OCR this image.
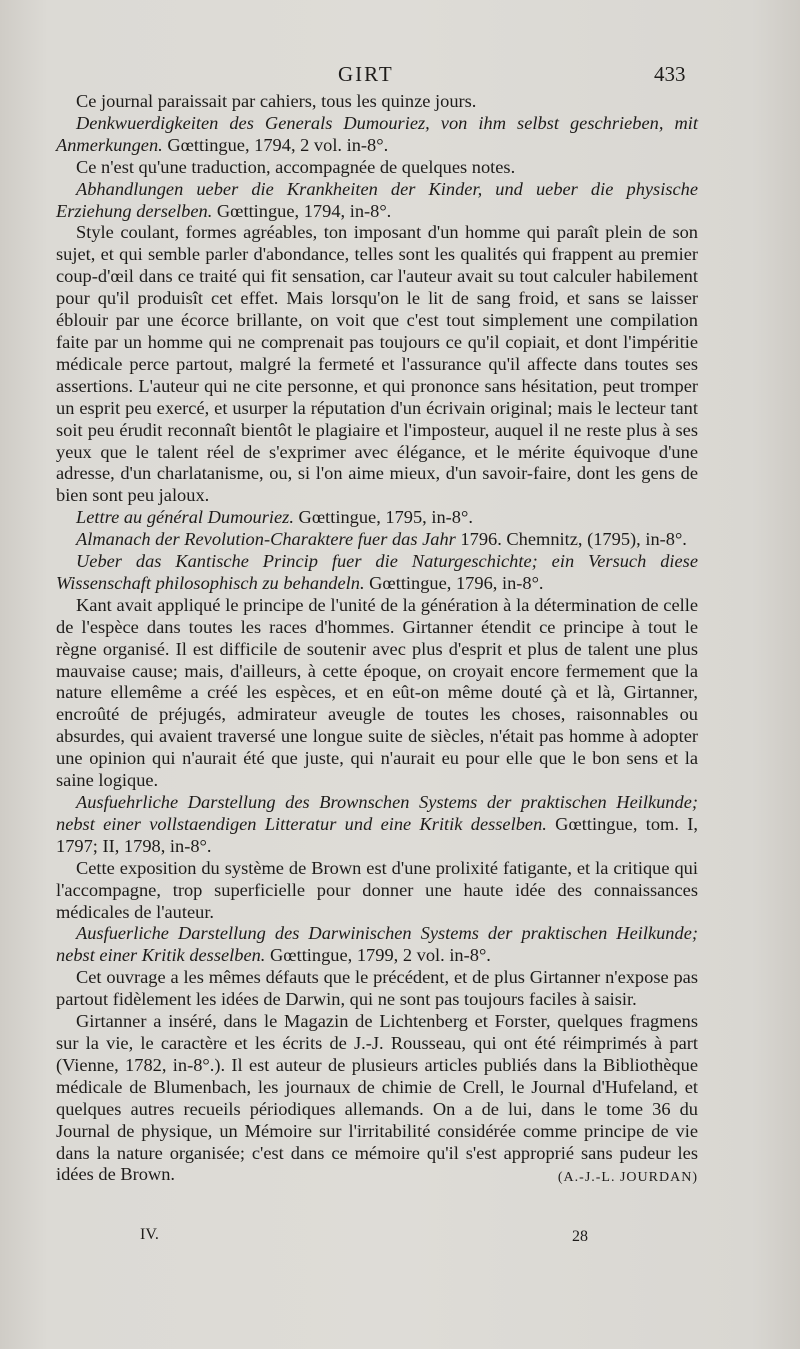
GIRT	433

Ce journal paraissait par cahiers, tous les quinze jours.

Denkwuerdigkeiten des Generals Dumouriez, von ihm selbst geschrieben, mit Anmerkungen. Gœttingue, 1794, 2 vol. in-8°.

Ce n'est qu'une traduction, accompagnée de quelques notes.

Abhandlungen ueber die Krankheiten der Kinder, und ueber die physische Erziehung derselben. Gœttingue, 1794, in-8°.

Style coulant, formes agréables, ton imposant d'un homme qui paraît plein de son sujet, et qui semble parler d'abondance, telles sont les qualités qui frappent au premier coup-d'œil dans ce traité qui fit sensation, car l'auteur avait su tout calculer habilement pour qu'il produisît cet effet. Mais lorsqu'on le lit de sang froid, et sans se laisser éblouir par une écorce brillante, on voit que c'est tout simplement une compilation faite par un homme qui ne comprenait pas toujours ce qu'il copiait, et dont l'impéritie médicale perce partout, malgré la fermeté et l'assurance qu'il affecte dans toutes ses assertions. L'auteur qui ne cite personne, et qui prononce sans hésitation, peut tromper un esprit peu exercé, et usurper la réputation d'un écrivain original; mais le lecteur tant soit peu érudit reconnaît bientôt le plagiaire et l'imposteur, auquel il ne reste plus à ses yeux que le talent réel de s'exprimer avec élégance, et le mérite équivoque d'une adresse, d'un charlatanisme, ou, si l'on aime mieux, d'un savoir-faire, dont les gens de bien sont peu jaloux.

Lettre au général Dumouriez. Gœttingue, 1795, in-8°.

Almanach der Revolution-Charaktere fuer das Jahr 1796. Chemnitz, (1795), in-8°.

Ueber das Kantische Princip fuer die Naturgeschichte; ein Versuch diese Wissenschaft philosophisch zu behandeln. Gœttingue, 1796, in-8°.

Kant avait appliqué le principe de l'unité de la génération à la détermination de celle de l'espèce dans toutes les races d'hommes. Girtanner étendit ce principe à tout le règne organisé. Il est difficile de soutenir avec plus d'esprit et plus de talent une plus mauvaise cause; mais, d'ailleurs, à cette époque, on croyait encore fermement que la nature ellemême a créé les espèces, et en eût-on même douté çà et là, Girtanner, encroûté de préjugés, admirateur aveugle de toutes les choses, raisonnables ou absurdes, qui avaient traversé une longue suite de siècles, n'était pas homme à adopter une opinion qui n'aurait été que juste, qui n'aurait eu pour elle que le bon sens et la saine logique.

Ausfuehrliche Darstellung des Brownschen Systems der praktischen Heilkunde; nebst einer vollstaendigen Litteratur und eine Kritik desselben. Gœttingue, tom. I, 1797; II, 1798, in-8°.

Cette exposition du système de Brown est d'une prolixité fatigante, et la critique qui l'accompagne, trop superficielle pour donner une haute idée des connaissances médicales de l'auteur.

Ausfuerliche Darstellung des Darwinischen Systems der praktischen Heilkunde; nebst einer Kritik desselben. Gœttingue, 1799, 2 vol. in-8°.

Cet ouvrage a les mêmes défauts que le précédent, et de plus Girtanner n'expose pas partout fidèlement les idées de Darwin, qui ne sont pas toujours faciles à saisir.

Girtanner a inséré, dans le Magazin de Lichtenberg et Forster, quelques fragmens sur la vie, le caractère et les écrits de J.-J. Rousseau, qui ont été réimprimés à part (Vienne, 1782, in-8°.). Il est auteur de plusieurs articles publiés dans la Bibliothèque médicale de Blumenbach, les journaux de chimie de Crell, le Journal d'Hufeland, et quelques autres recueils périodiques allemands. On a de lui, dans le tome 36 du Journal de physique, un Mémoire sur l'irritabilité considérée comme principe de vie dans la nature organisée; c'est dans ce mémoire qu'il s'est approprié sans pudeur les idées de Brown.	(A.-J.-L. JOURDAN)

IV.	28
